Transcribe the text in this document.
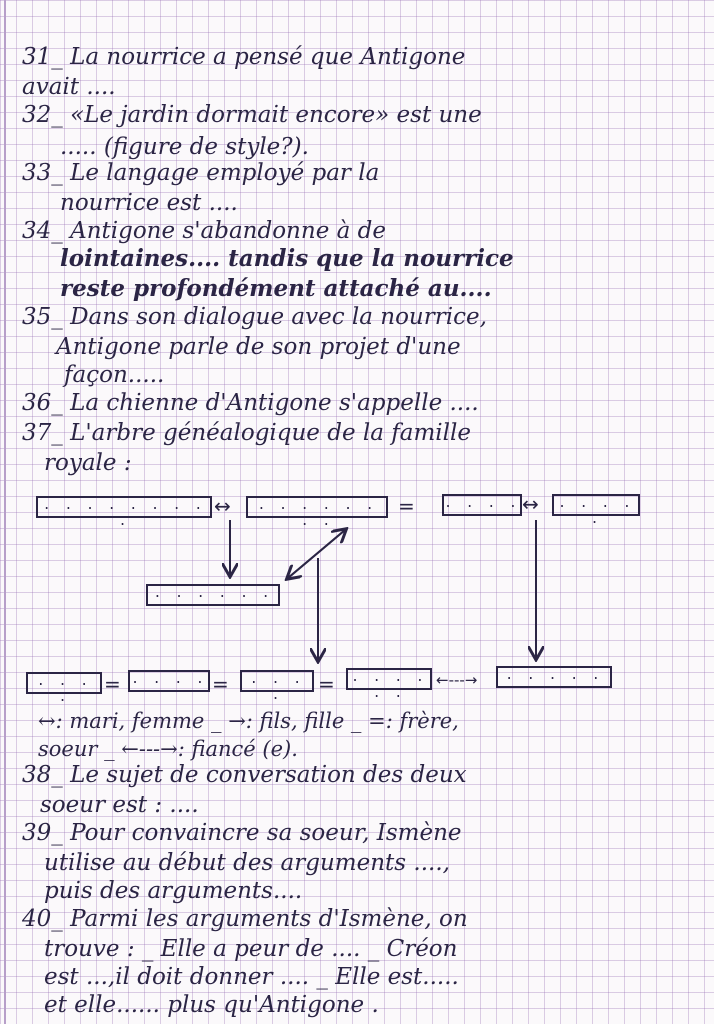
31_ La nourrice a pensé que Antigone
avait ....
32_ «Le jardin dormait encore» est une
..... (figure de style?).
33_ Le langage employé par la
nourrice est ....
34_ Antigone s'abandonne à de
lointaines.... tandis que la nourrice
reste profondément attaché au....
35_ Dans son dialogue avec la nourrice,
Antigone parle de son projet d'une
façon.....
36_ La chienne d'Antigone s'appelle ....
37_ L'arbre généalogique de la famille
royale :
. . . . . . . . .
↔	. . . . . . . .
= . . . . ↔	. . . . .
. . . . . .
. . . .
= . . . . =	. . . .	=	. . . . . .
←---→	. . . . .
↔: mari, femme _ →: fils, fille _ =: frère,
soeur _ ←---→: fiancé (e).
38_ Le sujet de conversation des deux
soeur est : ....
39_ Pour convaincre sa soeur, Ismène
utilise au début des arguments ....,
puis des arguments....
40_ Parmi les arguments d'Ismène, on
trouve : _ Elle a peur de .... _ Créon
est ...,il doit donner .... _ Elle est.....
et elle...... plus qu'Antigone .
